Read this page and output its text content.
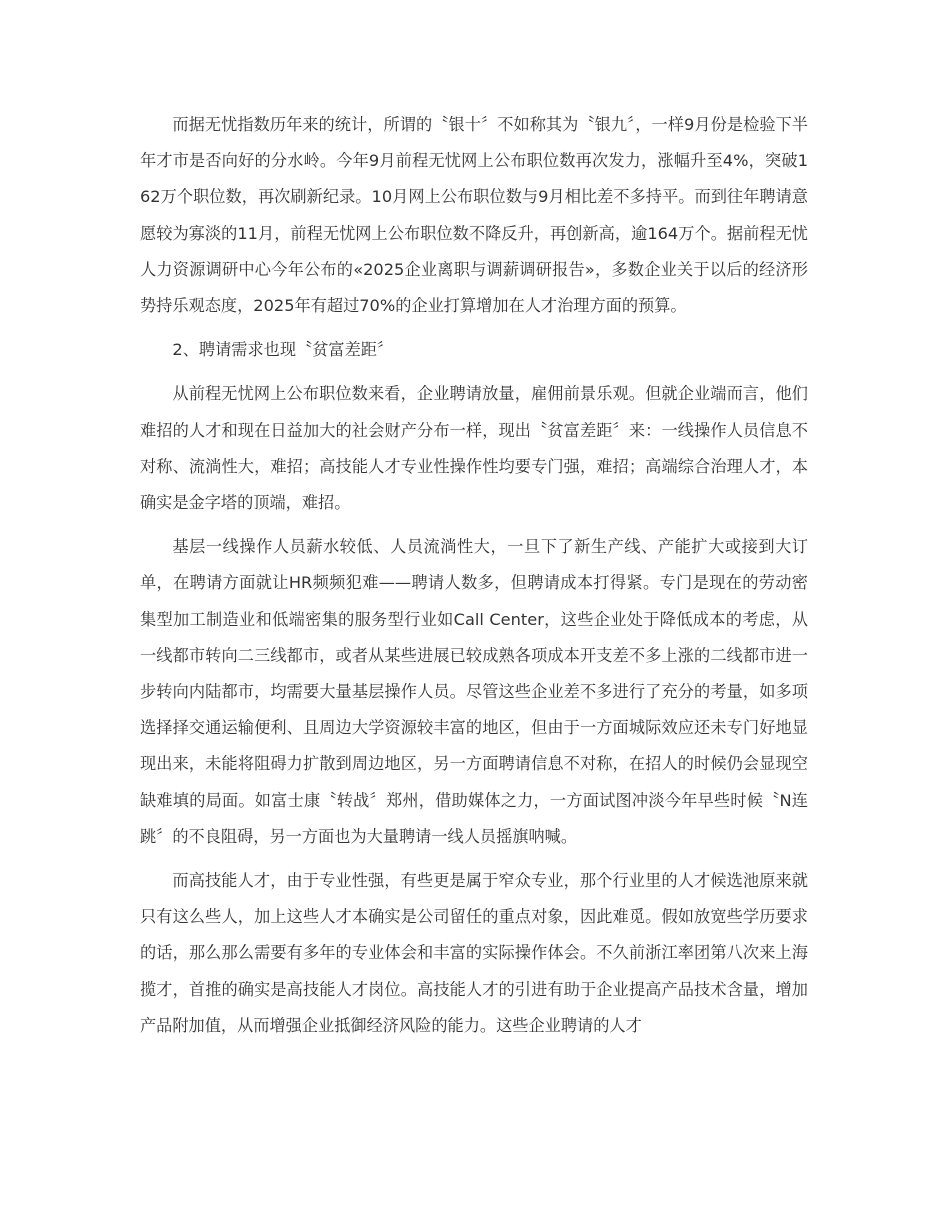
而据无忧指数历年来的统计，所谓的〝银十〞不如称其为〝银九〞，一样9月份是检验下半年才市是否向好的分水岭。今年9月前程无忧网上公布职位数再次发力，涨幅升至4%，突破162万个职位数，再次刷新纪录。10月网上公布职位数与9月相比差不多持平。而到往年聘请意愿较为寡淡的11月，前程无忧网上公布职位数不降反升，再创新高，逾164万个。据前程无忧人力资源调研中心今年公布的«2025企业离职与调薪调研报告»，多数企业关于以后的经济形势持乐观态度，2025年有超过70%的企业打算增加在人才治理方面的预算。

2、聘请需求也现〝贫富差距〞

从前程无忧网上公布职位数来看，企业聘请放量，雇佣前景乐观。但就企业端而言，他们难招的人才和现在日益加大的社会财产分布一样，现出〝贫富差距〞来：一线操作人员信息不对称、流淌性大，难招；高技能人才专业性操作性均要专门强，难招；高端综合治理人才，本确实是金字塔的顶端，难招。

基层一线操作人员薪水较低、人员流淌性大，一旦下了新生产线、产能扩大或接到大订单，在聘请方面就让HR频频犯难——聘请人数多，但聘请成本打得紧。专门是现在的劳动密集型加工制造业和低端密集的服务型行业如Call Center，这些企业处于降低成本的考虑，从一线都市转向二三线都市，或者从某些进展已较成熟各项成本开支差不多上涨的二线都市进一步转向内陆都市，均需要大量基层操作人员。尽管这些企业差不多进行了充分的考量，如多项选择择交通运输便利、且周边大学资源较丰富的地区，但由于一方面城际效应还未专门好地显现出来，未能将阻碍力扩散到周边地区，另一方面聘请信息不对称，在招人的时候仍会显现空缺难填的局面。如富士康〝转战〞郑州，借助媒体之力，一方面试图冲淡今年早些时候〝N连跳〞的不良阻碍，另一方面也为大量聘请一线人员摇旗呐喊。

而高技能人才，由于专业性强，有些更是属于窄众专业，那个行业里的人才候选池原来就只有这么些人，加上这些人才本确实是公司留任的重点对象，因此难觅。假如放宽些学历要求的话，那么那么需要有多年的专业体会和丰富的实际操作体会。不久前浙江率团第八次来上海揽才，首推的确实是高技能人才岗位。高技能人才的引进有助于企业提高产品技术含量，增加产品附加值，从而增强企业抵御经济风险的能力。这些企业聘请的人才
